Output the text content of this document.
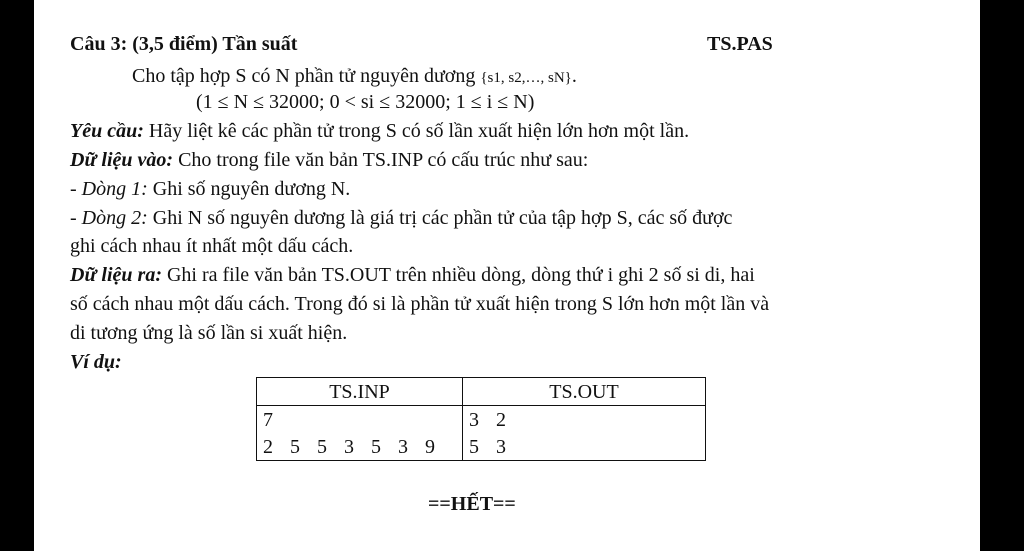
Câu 3: (3,5 điểm) Tần suất	TS.PAS
Cho tập hợp S có N phần tử nguyên dương {s1, s2,…, sN}.
(1 ≤ N ≤ 32000; 0 < si ≤ 32000; 1 ≤ i ≤ N)
Yêu cầu: Hãy liệt kê các phần tử trong S có số lần xuất hiện lớn hơn một lần.
Dữ liệu vào: Cho trong file văn bản TS.INP có cấu trúc như sau:
- Dòng 1: Ghi số nguyên dương N.
- Dòng 2: Ghi N số nguyên dương là giá trị các phần tử của tập hợp S, các số được
ghi cách nhau ít nhất một dấu cách.
Dữ liệu ra: Ghi ra file văn bản TS.OUT trên nhiều dòng, dòng thứ i ghi 2 số si di, hai
số cách nhau một dấu cách. Trong đó si là phần tử xuất hiện trong S lớn hơn một lần và
di tương ứng là số lần si xuất hiện.
Ví dụ:
TS.INP	TS.OUT
7	3 2
2 5 5 3 5 3 9	5 3
==HẾT==
